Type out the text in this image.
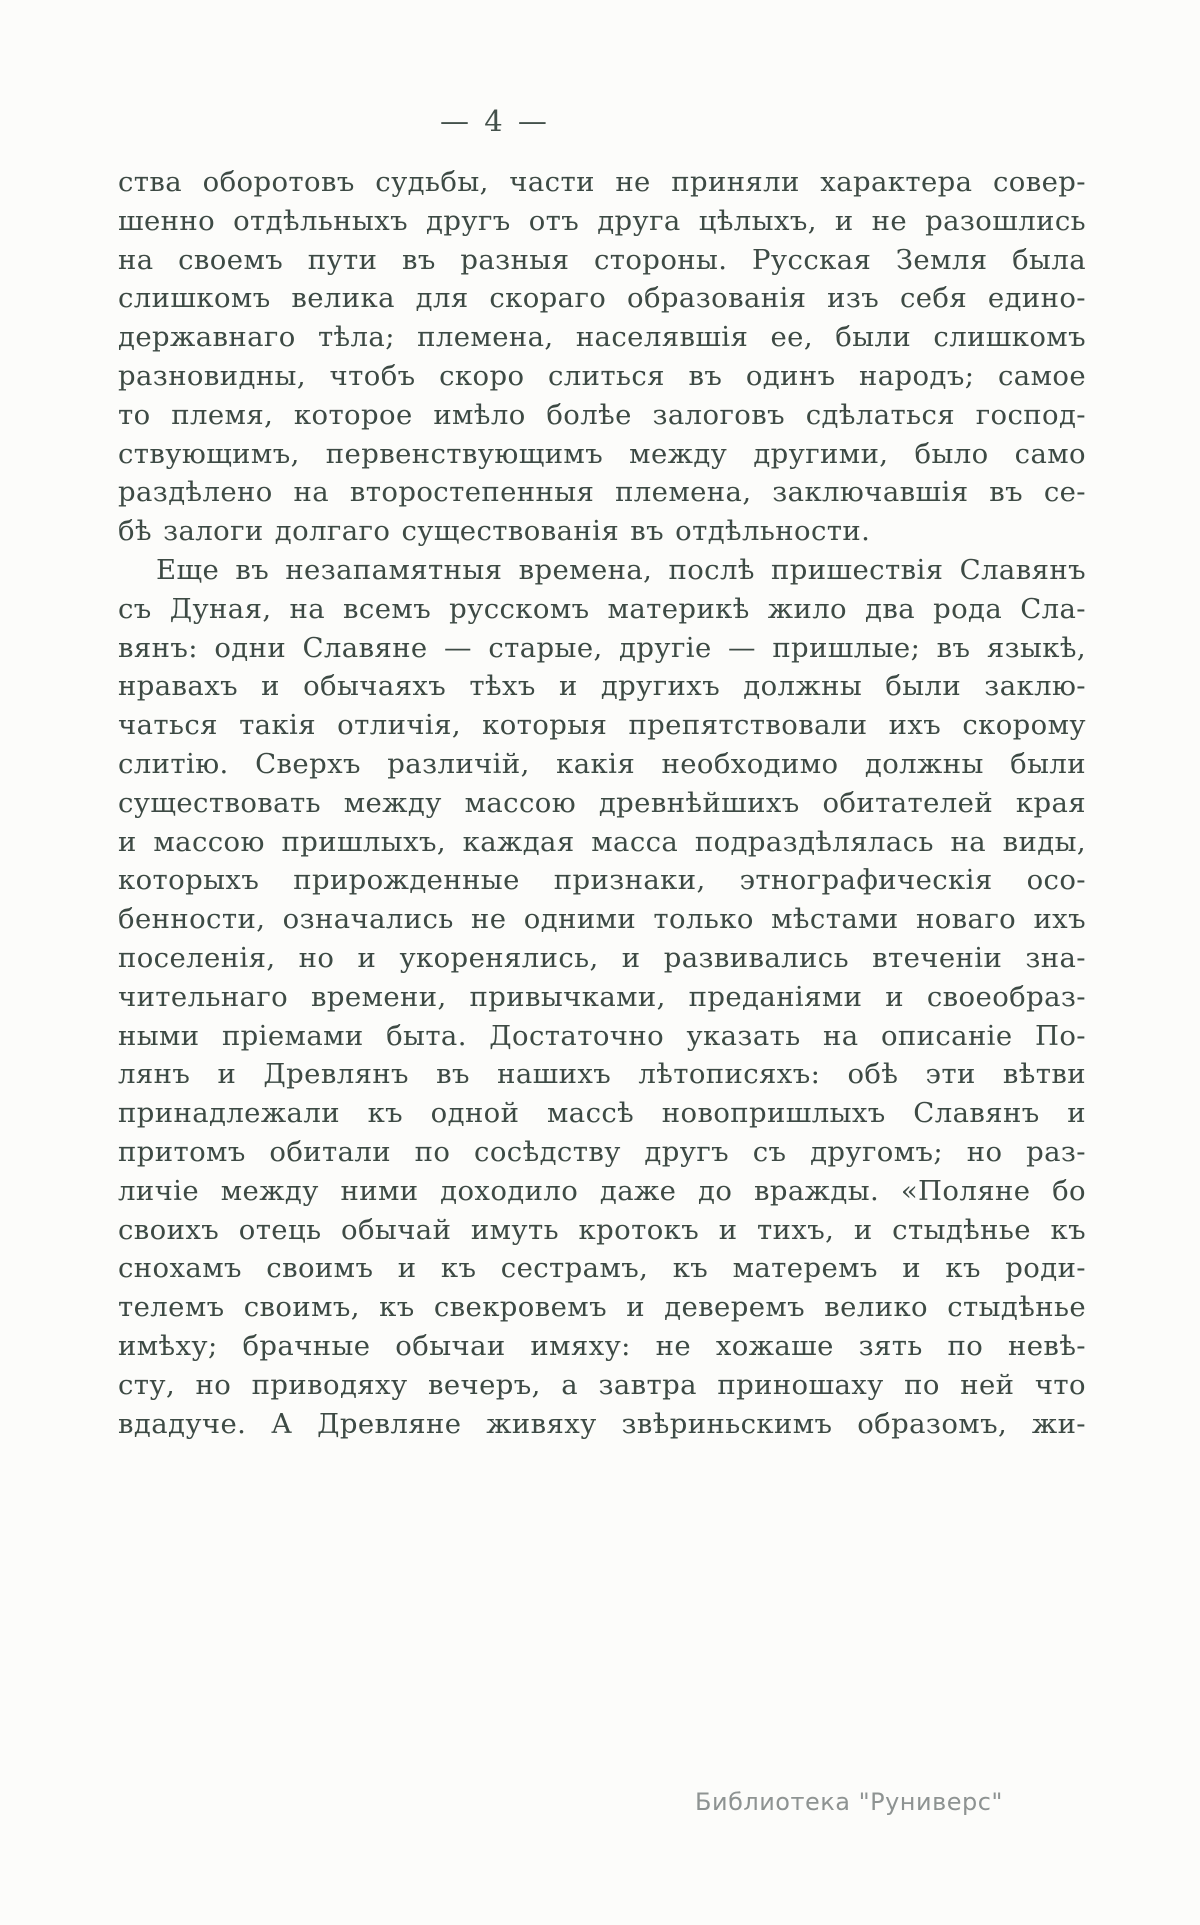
— 4 —
ства оборотовъ судьбы, части не приняли характера совер-
шенно отдѣльныхъ другъ отъ друга цѣлыхъ, и не разошлись
на своемъ пути въ разныя стороны. Русская Земля была
слишкомъ велика для скораго образованія изъ себя едино-
державнаго тѣла; племена, населявшія ее, были слишкомъ
разновидны, чтобъ скоро слиться въ одинъ народъ; самое
то племя, которое имѣло болѣе залоговъ сдѣлаться господ-
ствующимъ, первенствующимъ между другими, было само
раздѣлено на второстепенныя племена, заключавшія въ се-
бѣ залоги долгаго существованія въ отдѣльности.
Еще въ незапамятныя времена, послѣ пришествія Славянъ
съ Дуная, на всемъ русскомъ материкѣ жило два рода Сла-
вянъ: одни Славяне — старые, другіе — пришлые; въ языкѣ,
нравахъ и обычаяхъ тѣхъ и другихъ должны были заклю-
чаться такія отличія, которыя препятствовали ихъ скорому
слитію. Сверхъ различій, какія необходимо должны были
существовать между массою древнѣйшихъ обитателей края
и массою пришлыхъ, каждая масса подраздѣлялась на виды,
которыхъ прирожденные признаки, этнографическія осо-
бенности, означались не одними только мѣстами новаго ихъ
поселенія, но и укоренялись, и развивались втеченіи зна-
чительнаго времени, привычками, преданіями и своеобраз-
ными пріемами быта. Достаточно указать на описаніе По-
лянъ и Древлянъ въ нашихъ лѣтописяхъ: обѣ эти вѣтви
принадлежали къ одной массѣ новопришлыхъ Славянъ и
притомъ обитали по сосѣдству другъ съ другомъ; но раз-
личіе между ними доходило даже до вражды. «Поляне бо
своихъ отець обычай имуть кротокъ и тихъ, и стыдѣнье къ
снохамъ своимъ и къ сестрамъ, къ матеремъ и къ роди-
телемъ своимъ, къ свекровемъ и деверемъ велико стыдѣнье
имѣху; брачные обычаи имяху: не хожаше зять по невѣ-
сту, но приводяху вечеръ, а завтра приношаху по ней что
вдадуче. А Древляне живяху звѣриньскимъ образомъ, жи-
Библиотека "Руниверс"
